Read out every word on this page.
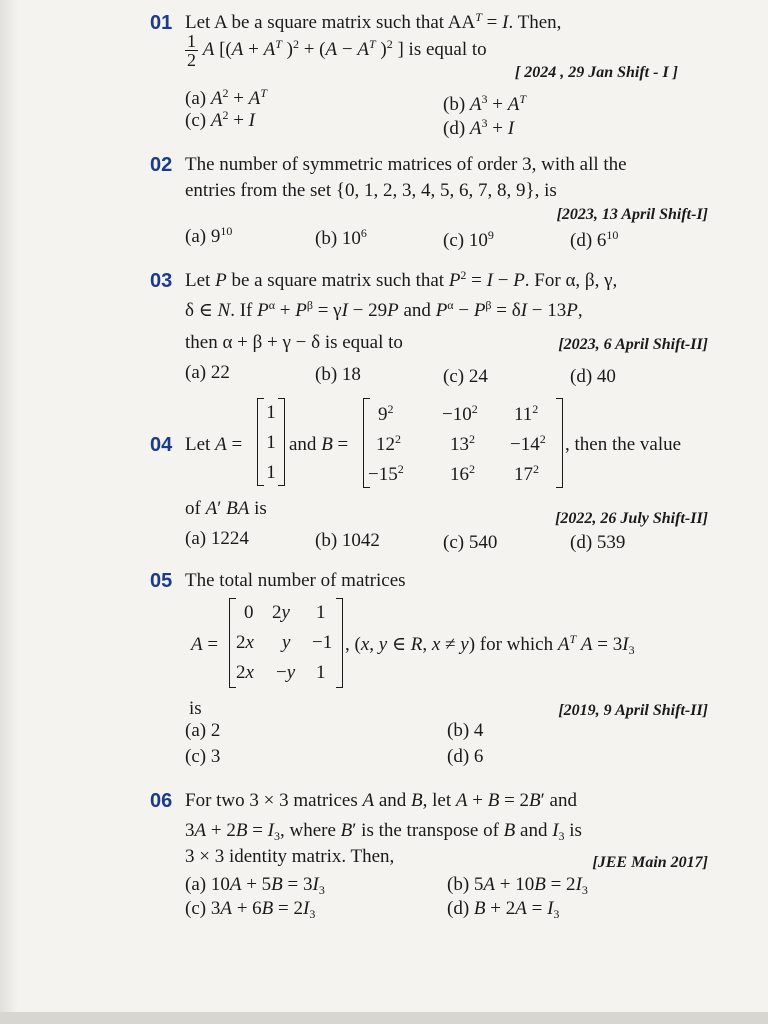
01 Let A be a square matrix such that $AA^T = I$. Then,
$\frac{1}{2}$ A [($A + A^T$ )$^2 + (A - A^T$ )$^2$ ] is equal to
[ 2024 , 29 Jan Shift - I ]
(a) $A^2 + A^T$
(b) $A^3 + A^T$
(c) $A^2 + I$	(d) $A^3 + I$
02 The number of symmetric matrices of order 3, with all the
entries from the set {0, 1, 2, 3, 4, 5, 6, 7, 8, 9}, is
[2023, 13 April Shift-I]
(a) $9^{10}$	(b) $10^6$	(c) $10^9$	(d) $6^{10}$
03 Let P be a square matrix such that $P^2 = I - P$. For α, β, γ,
δ ∈ N. If $P^\alpha + P^\beta = \gamma I - 29P$ and $P^\alpha - P^\beta = \delta I - 13P$,
then α + β + γ − δ is equal to	[2023, 6 April Shift-II]
(a) 22	(b) 18	(c) 24	(d) 40
04 Let A =
1
1
1
and B =
$9^2$	$-10^2$ $11^2$
$12^2$	$13^2 -14^2$
$-15^2$ $16^2$ $17^2$
, then the value
of A′ BA is	[2022, 26 July Shift-II]
(a) 1224	(b) 1042	(c) 540	(d) 539
05 The total number of matrices
A =
0 2y 1
2x y −1
2x −y 1
, (x, y ∈ R, x ≠ y) for which $A^T$ $A = 3I_3$
is	[2019, 9 April Shift-II]
(a) 2	(b) 4
(c) 3	(d) 6
06 For two 3 × 3 matrices A and B, let A + B = 2B′ and
$3A + 2B = I_3$, where B′ is the transpose of B and $I_3$ is
3 × 3 identity matrix. Then,	[JEE Main 2017]
(a) $10A + 5B = 3I_3$	(b) $5A + 10B = 2I_3$
(c) $3A + 6B = 2I_3$	(d) $B + 2A = I_3$
